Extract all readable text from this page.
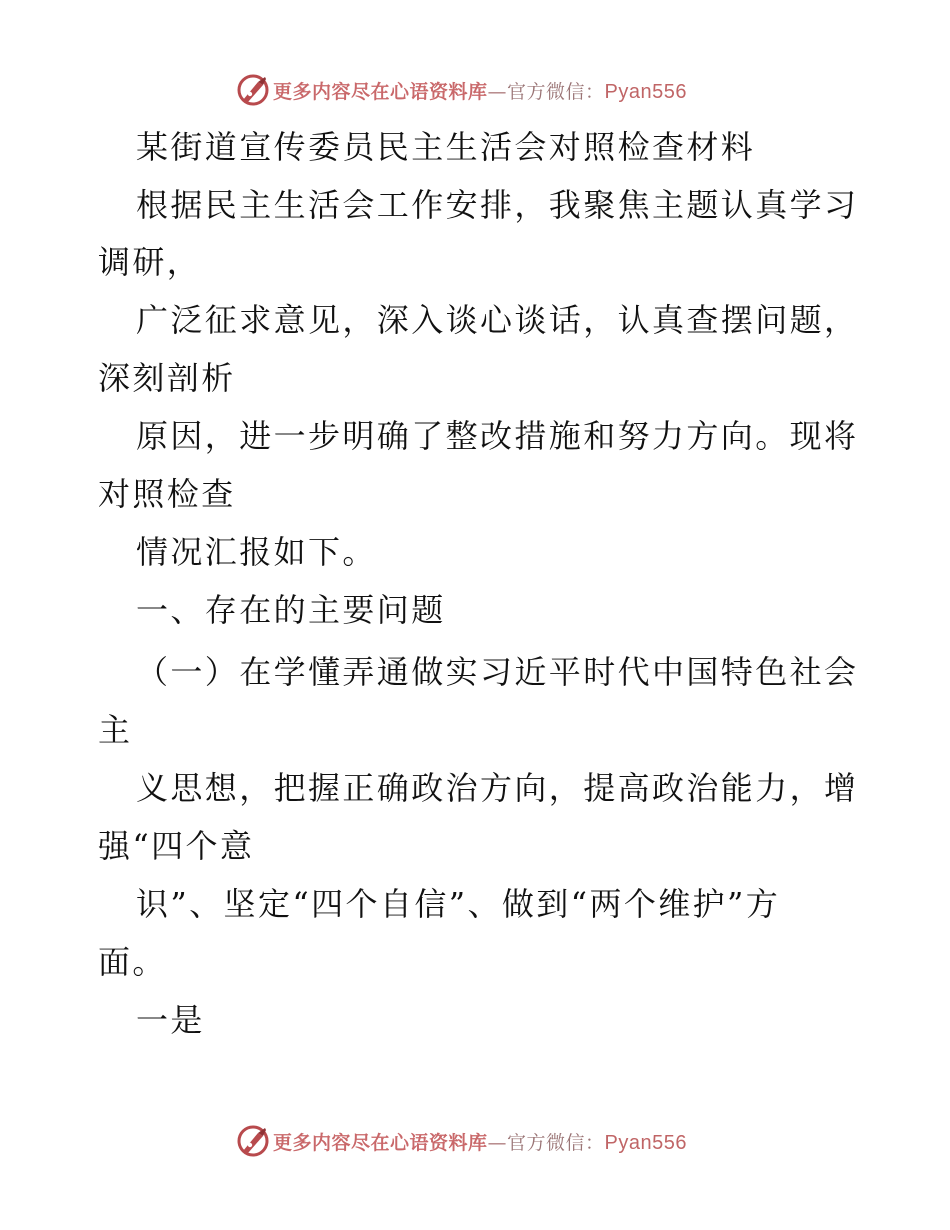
更多内容尽在心语资料库—官方微信：Pyan556
某街道宣传委员民主生活会对照检查材料
根据民主生活会工作安排，我聚焦主题认真学习
调研，
广泛征求意见，深入谈心谈话，认真查摆问题，
深刻剖析
原因，进一步明确了整改措施和努力方向。现将
对照检查
情况汇报如下。
一、存在的主要问题
（一）在学懂弄通做实习近平时代中国特色社会
主
义思想，把握正确政治方向，提高政治能力，增
强“四个意
识”、坚定“四个自信”、做到“两个维护”方
面。
一是
更多内容尽在心语资料库—官方微信：Pyan556
